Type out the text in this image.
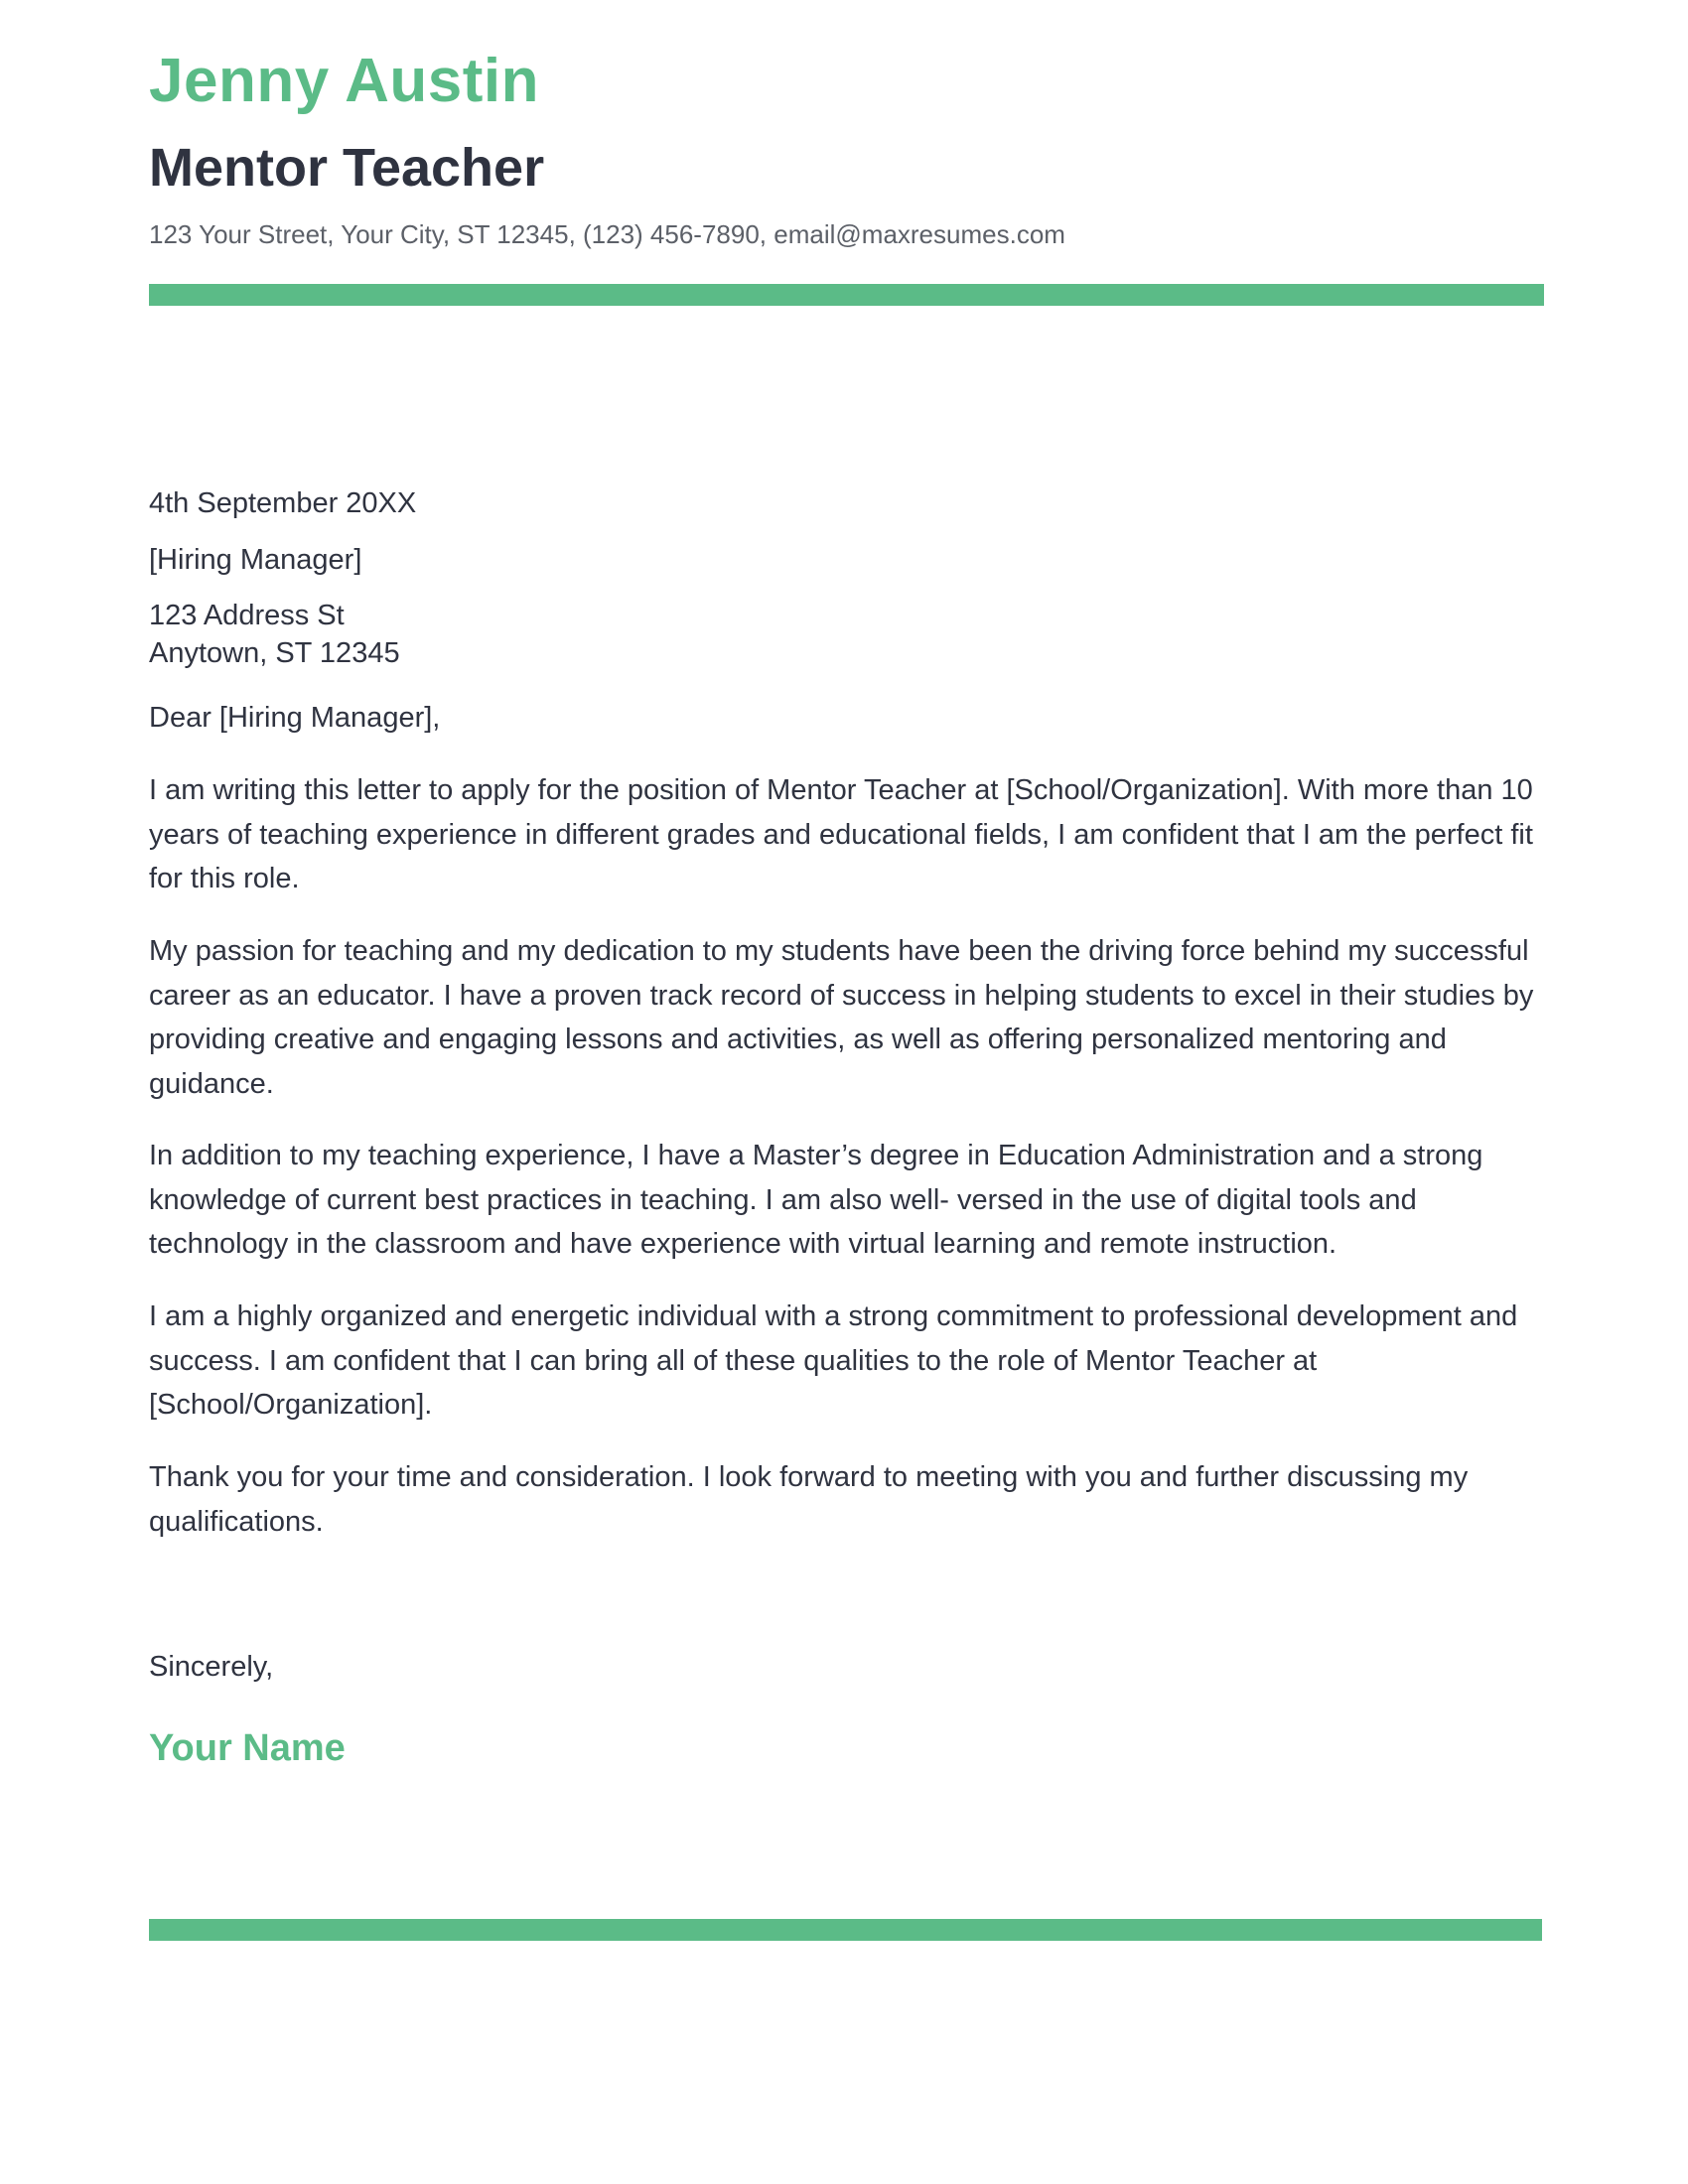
Jenny Austin
Mentor Teacher
123 Your Street, Your City, ST 12345, (123) 456-7890, email@maxresumes.com
4th September 20XX
[Hiring Manager]
123 Address St
Anytown, ST 12345
Dear [Hiring Manager],

I am writing this letter to apply for the position of Mentor Teacher at [School/Organization]. With more than 10 years of teaching experience in different grades and educational fields, I am confident that I am the perfect fit for this role.

My passion for teaching and my dedication to my students have been the driving force behind my successful career as an educator. I have a proven track record of success in helping students to excel in their studies by providing creative and engaging lessons and activities, as well as offering personalized mentoring and guidance.

In addition to my teaching experience, I have a Master’s degree in Education Administration and a strong knowledge of current best practices in teaching. I am also well- versed in the use of digital tools and technology in the classroom and have experience with virtual learning and remote instruction.

I am a highly organized and energetic individual with a strong commitment to professional development and success. I am confident that I can bring all of these qualities to the role of Mentor Teacher at [School/Organization].

Thank you for your time and consideration. I look forward to meeting with you and further discussing my qualifications.

Sincerely,
Your Name
